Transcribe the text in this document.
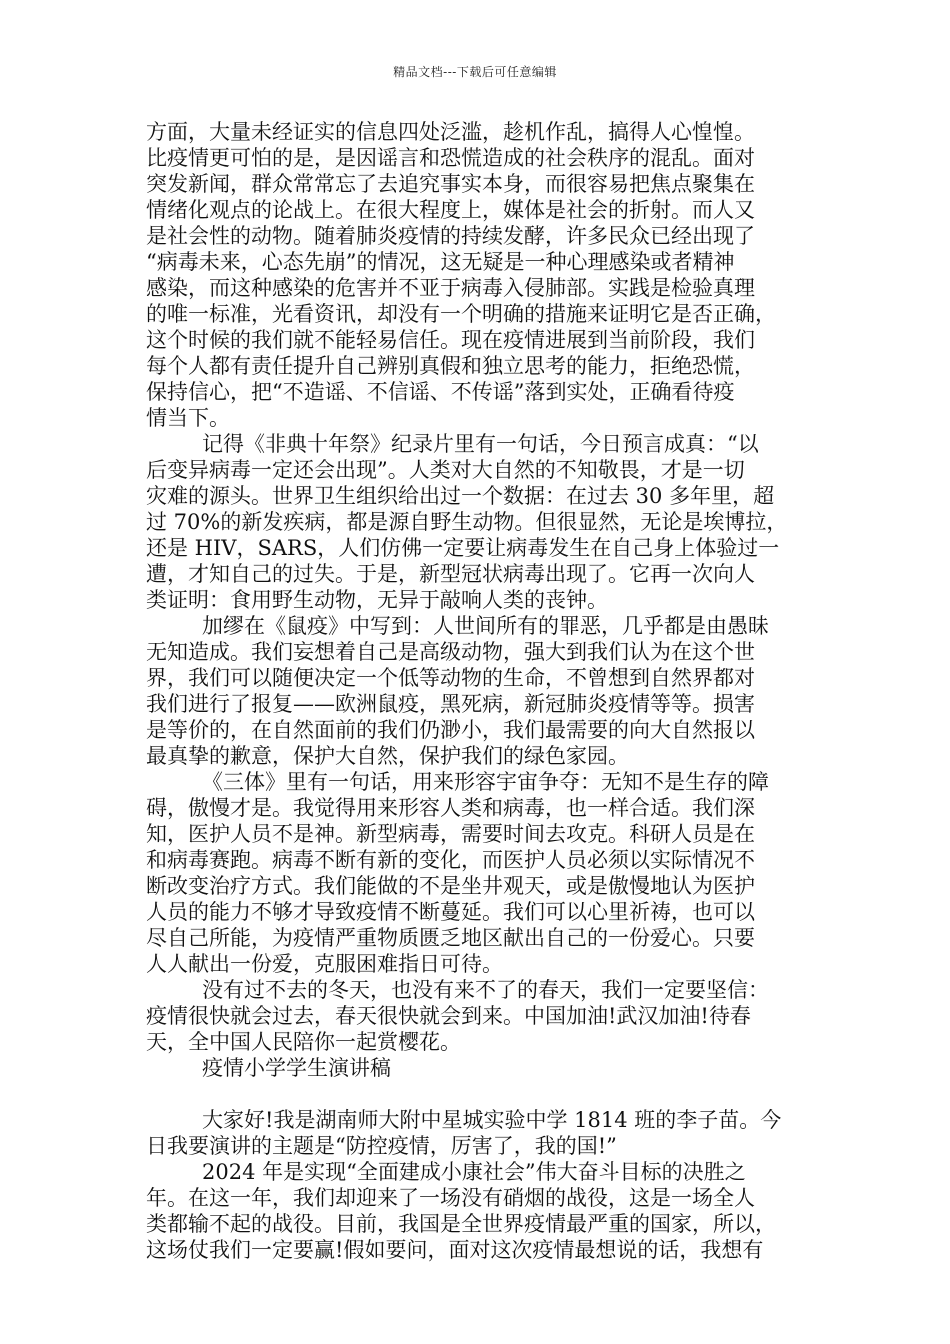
精品文档---下载后可任意编辑
方面，大量未经证实的信息四处泛滥，趁机作乱，搞得人心惶惶。
比疫情更可怕的是，是因谣言和恐慌造成的社会秩序的混乱。面对
突发新闻，群众常常忘了去追究事实本身，而很容易把焦点聚集在
情绪化观点的论战上。在很大程度上，媒体是社会的折射。而人又
是社会性的动物。随着肺炎疫情的持续发酵，许多民众已经出现了
“病毒未来，心态先崩”的情况，这无疑是一种心理感染或者精神
感染，而这种感染的危害并不亚于病毒入侵肺部。实践是检验真理
的唯一标准，光看资讯，却没有一个明确的措施来证明它是否正确，
这个时候的我们就不能轻易信任。现在疫情进展到当前阶段，我们
每个人都有责任提升自己辨别真假和独立思考的能力，拒绝恐慌，
保持信心，把“不造谣、不信谣、不传谣”落到实处，正确看待疫
情当下。
记得《非典十年祭》纪录片里有一句话，今日预言成真：“以
后变异病毒一定还会出现”。人类对大自然的不知敬畏，才是一切
灾难的源头。世界卫生组织给出过一个数据：在过去 30 多年里，超
过 70%的新发疾病，都是源自野生动物。但很显然，无论是埃博拉，
还是 HIV，SARS，人们仿佛一定要让病毒发生在自己身上体验过一
遭，才知自己的过失。于是，新型冠状病毒出现了。它再一次向人
类证明：食用野生动物，无异于敲响人类的丧钟。
加缪在《鼠疫》中写到：人世间所有的罪恶，几乎都是由愚昧
无知造成。我们妄想着自己是高级动物，强大到我们认为在这个世
界，我们可以随便决定一个低等动物的生命，不曾想到自然界都对
我们进行了报复——欧洲鼠疫，黑死病，新冠肺炎疫情等等。损害
是等价的，在自然面前的我们仍渺小，我们最需要的向大自然报以
最真挚的歉意，保护大自然，保护我们的绿色家园。
《三体》里有一句话，用来形容宇宙争夺：无知不是生存的障
碍，傲慢才是。我觉得用来形容人类和病毒，也一样合适。我们深
知，医护人员不是神。新型病毒，需要时间去攻克。科研人员是在
和病毒赛跑。病毒不断有新的变化，而医护人员必须以实际情况不
断改变治疗方式。我们能做的不是坐井观天，或是傲慢地认为医护
人员的能力不够才导致疫情不断蔓延。我们可以心里祈祷，也可以
尽自己所能，为疫情严重物质匮乏地区献出自己的一份爱心。只要
人人献出一份爱，克服困难指日可待。
没有过不去的冬天，也没有来不了的春天，我们一定要坚信：
疫情很快就会过去，春天很快就会到来。中国加油!武汉加油!待春
天，全中国人民陪你一起赏樱花。
疫情小学学生演讲稿
大家好!我是湖南师大附中星城实验中学 1814 班的李子苗。今
日我要演讲的主题是“防控疫情，厉害了，我的国!”
2024 年是实现“全面建成小康社会”伟大奋斗目标的决胜之
年。在这一年，我们却迎来了一场没有硝烟的战役，这是一场全人
类都输不起的战役。目前，我国是全世界疫情最严重的国家，所以，
这场仗我们一定要赢!假如要问，面对这次疫情最想说的话，我想有
